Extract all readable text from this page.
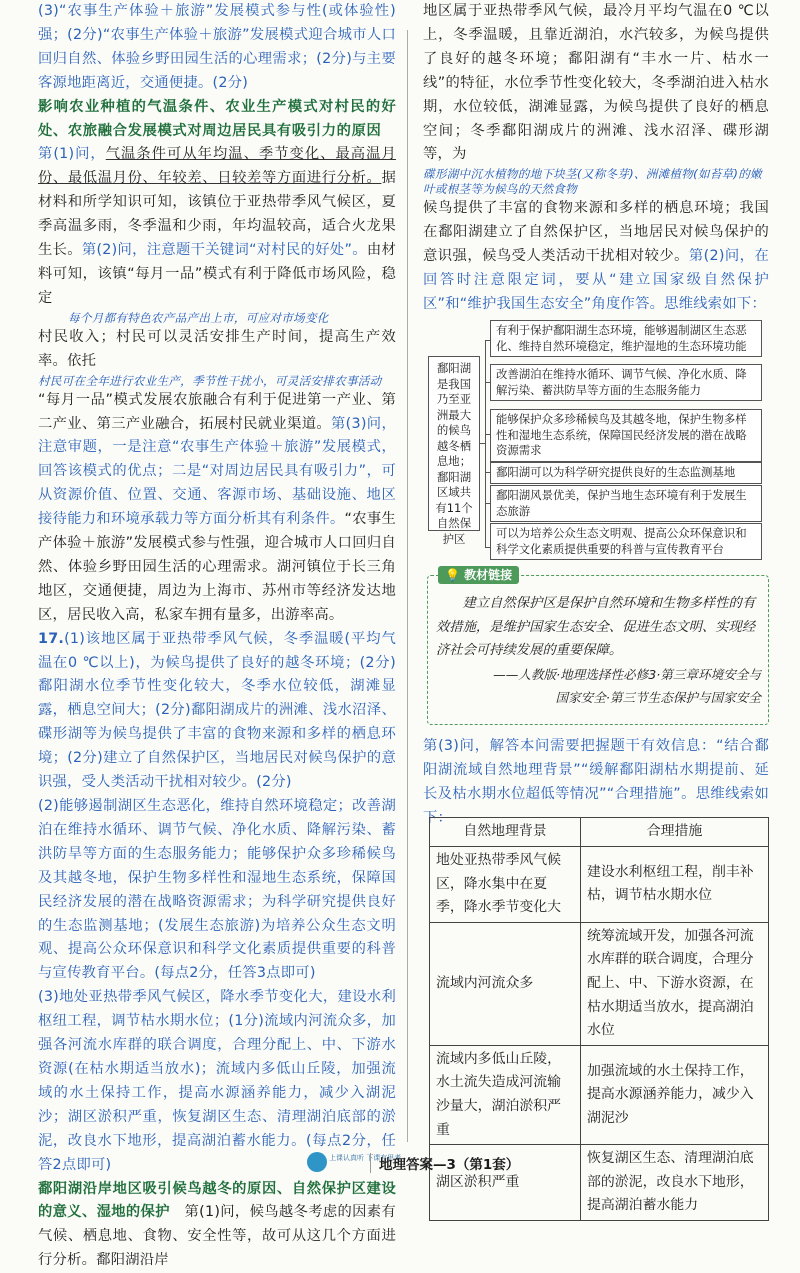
(3)“农事生产体验＋旅游”发展模式参与性(或体验性)强；(2分)“农事生产体验＋旅游”发展模式迎合城市人口回归自然、体验乡野田园生活的心理需求；(2分)与主要客源地距离近，交通便捷。(2分)

影响农业种植的气温条件、农业生产模式对村民的好处、农旅融合发展模式对周边居民具有吸引力的原因　第(1)问，气温条件可从年均温、季节变化、最高温月份、最低温月份、年较差、日较差等方面进行分析。据材料和所学知识可知，该镇位于亚热带季风气候区，夏季高温多雨，冬季温和少雨，年均温较高，适合火龙果生长。第(2)问，注意题干关键词“对村民的好处”。由材料可知，该镇“每月一品”模式有利于降低市场风险，稳定

每个月都有特色农产品产出上市，可应对市场变化

村民收入；村民可以灵活安排生产时间，提高生产效率。依托

村民可在全年进行农业生产，季节性干扰小，可灵活安排农事活动

“每月一品”模式发展农旅融合有利于促进第一产业、第二产业、第三产业融合，拓展村民就业渠道。第(3)问，注意审题，一是注意“农事生产体验＋旅游”发展模式，回答该模式的优点；二是“对周边居民具有吸引力”，可从资源价值、位置、交通、客源市场、基础设施、地区接待能力和环境承载力等方面分析其有利条件。“农事生产体验＋旅游”发展模式参与性强，迎合城市人口回归自然、体验乡野田园生活的心理需求。湖河镇位于长三角地区，交通便捷，周边为上海市、苏州市等经济发达地区，居民收入高，私家车拥有量多，出游率高。

17.(1)该地区属于亚热带季风气候，冬季温暖(平均气温在0 ℃以上)，为候鸟提供了良好的越冬环境；(2分)鄱阳湖水位季节性变化较大，冬季水位较低，湖滩显露，栖息空间大；(2分)鄱阳湖成片的洲滩、浅水沼泽、碟形湖等为候鸟提供了丰富的食物来源和多样的栖息环境；(2分)建立了自然保护区，当地居民对候鸟保护的意识强，受人类活动干扰相对较少。(2分)

(2)能够遏制湖区生态恶化，维持自然环境稳定；改善湖泊在维持水循环、调节气候、净化水质、降解污染、蓄洪防旱等方面的生态服务能力；能够保护众多珍稀候鸟及其越冬地，保护生物多样性和湿地生态系统，保障国民经济发展的潜在战略资源需求；为科学研究提供良好的生态监测基地；(发展生态旅游)为培养公众生态文明观、提高公众环保意识和科学文化素质提供重要的科普与宣传教育平台。(每点2分，任答3点即可)

(3)地处亚热带季风气候区，降水季节变化大，建设水利枢纽工程，调节枯水期水位；(1分)流域内河流众多，加强各河流水库群的联合调度，合理分配上、中、下游水资源(在枯水期适当放水)；流域内多低山丘陵，加强流域的水土保持工作，提高水源涵养能力，减少入湖泥沙；湖区淤积严重，恢复湖区生态、清理湖泊底部的淤泥，改良水下地形，提高湖泊蓄水能力。(每点2分，任答2点即可)

鄱阳湖沿岸地区吸引候鸟越冬的原因、自然保护区建设的意义、湿地的保护　第(1)问，候鸟越冬考虑的因素有气候、栖息地、食物、安全性等，故可从这几个方面进行分析。鄱阳湖沿岸

地区属于亚热带季风气候，最冷月平均气温在0 ℃以上，冬季温暖，且靠近湖泊，水汽较多，为候鸟提供了良好的越冬环境；鄱阳湖有“丰水一片、枯水一线”的特征，水位季节性变化较大，冬季湖泊进入枯水期，水位较低，湖滩显露，为候鸟提供了良好的栖息空间；冬季鄱阳湖成片的洲滩、浅水沼泽、碟形湖等，为

碟形湖中沉水植物的地下块茎(又称冬芽)、洲滩植物(如苔草)的嫩叶或根茎等为候鸟的天然食物

候鸟提供了丰富的食物来源和多样的栖息环境；我国在鄱阳湖建立了自然保护区，当地居民对候鸟保护的意识强，候鸟受人类活动干扰相对较少。第(2)问，在回答时注意限定词，要从“建立国家级自然保护区”和“维护我国生态安全”角度作答。思维线索如下：

鄱阳湖是我国乃至亚洲最大的候鸟越冬栖息地；鄱阳湖区域共有11个自然保护区
有利于保护鄱阳湖生态环境，能够遏制湖区生态恶化、维持自然环境稳定，维护湿地的生态环境功能
改善湖泊在维持水循环、调节气候、净化水质、降解污染、蓄洪防旱等方面的生态服务能力
能够保护众多珍稀候鸟及其越冬地，保护生物多样性和湿地生态系统，保障国民经济发展的潜在战略资源需求
鄱阳湖可以为科学研究提供良好的生态监测基地
鄱阳湖风景优美，保护当地生态环境有利于发展生态旅游
可以为培养公众生态文明观、提高公众环保意识和科学文化素质提供重要的科普与宣传教育平台
💡 教材链接
建立自然保护区是保护自然环境和生物多样性的有效措施，是维护国家生态安全、促进生态文明、实现经济社会可持续发展的重要保障。
——人教版·地理选择性必修3·第三章环境安全与
国家安全·第三节生态保护与国家安全

第(3)问，解答本问需要把握题干有效信息：“结合鄱阳湖流域自然地理背景”“缓解鄱阳湖枯水期提前、延长及枯水期水位超低等情况”“合理措施”。思维线索如下：

自然地理背景	合理措施
地处亚热带季风气候区，降水集中在夏季，降水季节变化大	建设水利枢纽工程，削丰补枯，调节枯水期水位
流域内河流众多	统筹流域开发，加强各河流水库群的联合调度，合理分配上、中、下游水资源，在枯水期适当放水，提高湖泊水位
流域内多低山丘陵，水土流失造成河流输沙量大，湖泊淤积严重	加强流域的水土保持工作，提高水源涵养能力，减少入湖泥沙
湖区淤积严重	恢复湖区生态、清理湖泊底部的淤泥，改良水下地形，提高湖泊蓄水能力
上课认真听 下课有思考
地理答案—3（第1套）
